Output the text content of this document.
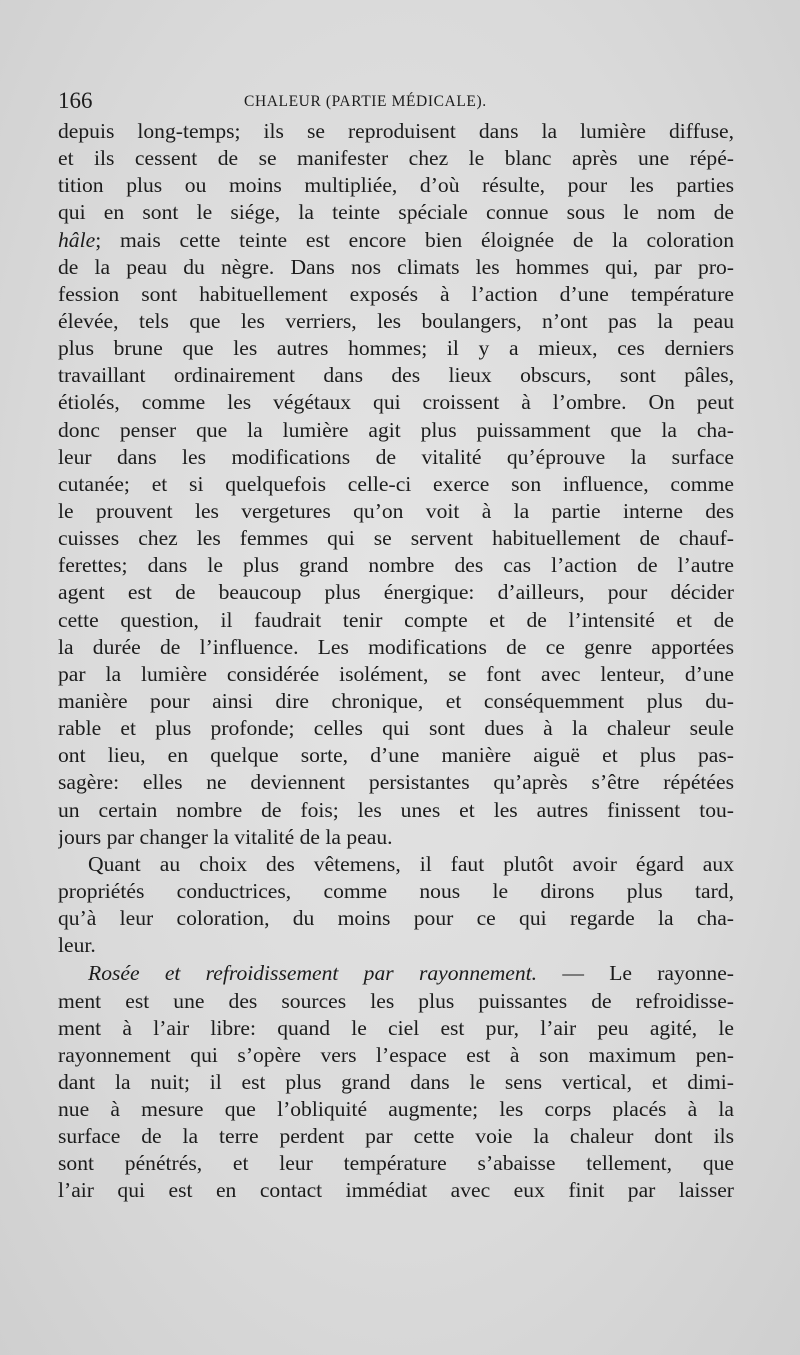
166	CHALEUR (PARTIE MÉDICALE).
depuis long-temps; ils se reproduisent dans la lumière diffuse,
et ils cessent de se manifester chez le blanc après une répé-
tition plus ou moins multipliée, d’où résulte, pour les parties
qui en sont le siége, la teinte spéciale connue sous le nom de
hâle; mais cette teinte est encore bien éloignée de la coloration
de la peau du nègre. Dans nos climats les hommes qui, par pro-
fession sont habituellement exposés à l’action d’une température
élevée, tels que les verriers, les boulangers, n’ont pas la peau
plus brune que les autres hommes; il y a mieux, ces derniers
travaillant ordinairement dans des lieux obscurs, sont pâles,
étiolés, comme les végétaux qui croissent à l’ombre. On peut
donc penser que la lumière agit plus puissamment que la cha-
leur dans les modifications de vitalité qu’éprouve la surface
cutanée; et si quelquefois celle-ci exerce son influence, comme
le prouvent les vergetures qu’on voit à la partie interne des
cuisses chez les femmes qui se servent habituellement de chauf-
ferettes; dans le plus grand nombre des cas l’action de l’autre
agent est de beaucoup plus énergique: d’ailleurs, pour décider
cette question, il faudrait tenir compte et de l’intensité et de
la durée de l’influence. Les modifications de ce genre apportées
par la lumière considérée isolément, se font avec lenteur, d’une
manière pour ainsi dire chronique, et conséquemment plus du-
rable et plus profonde; celles qui sont dues à la chaleur seule
ont lieu, en quelque sorte, d’une manière aiguë et plus pas-
sagère: elles ne deviennent persistantes qu’après s’être répétées
un certain nombre de fois; les unes et les autres finissent tou-
jours par changer la vitalité de la peau.
Quant au choix des vêtemens, il faut plutôt avoir égard aux
propriétés conductrices, comme nous le dirons plus tard,
qu’à leur coloration, du moins pour ce qui regarde la cha-
leur.
Rosée et refroidissement par rayonnement. — Le rayonne-
ment est une des sources les plus puissantes de refroidisse-
ment à l’air libre: quand le ciel est pur, l’air peu agité, le
rayonnement qui s’opère vers l’espace est à son maximum pen-
dant la nuit; il est plus grand dans le sens vertical, et dimi-
nue à mesure que l’obliquité augmente; les corps placés à la
surface de la terre perdent par cette voie la chaleur dont ils
sont pénétrés, et leur température s’abaisse tellement, que
l’air qui est en contact immédiat avec eux finit par laisser
